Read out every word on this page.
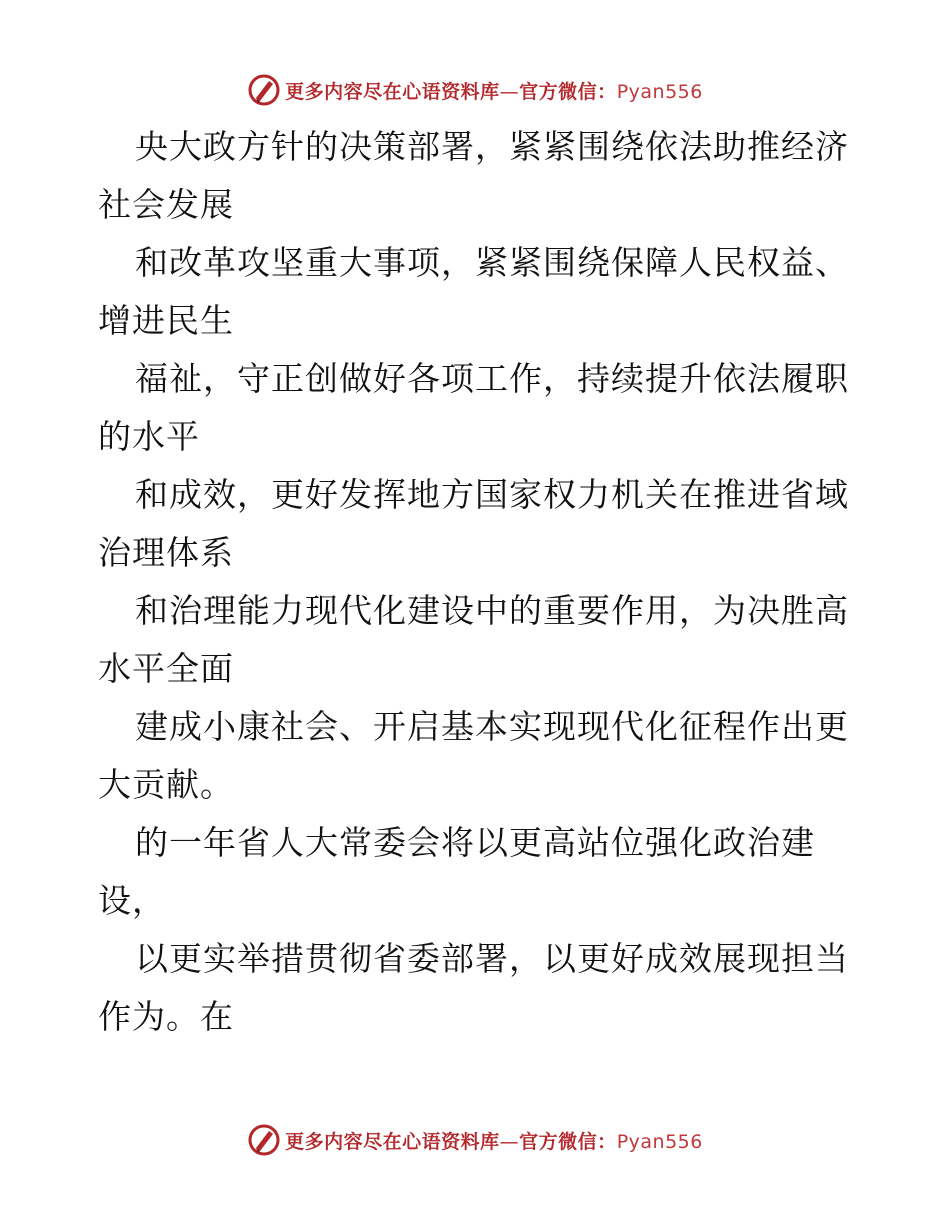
更多内容尽在心语资料库—官方微信：Pyan556

央大政方针的决策部署，紧紧围绕依法助推经济社会发展

和改革攻坚重大事项，紧紧围绕保障人民权益、增进民生

福祉，守正创做好各项工作，持续提升依法履职的水平

和成效，更好发挥地方国家权力机关在推进省域治理体系

和治理能力现代化建设中的重要作用，为决胜高水平全面

建成小康社会、开启基本实现现代化征程作出更大贡献。

的一年省人大常委会将以更高站位强化政治建设，

以更实举措贯彻省委部署，以更好成效展现担当作为。在

更多内容尽在心语资料库—官方微信：Pyan556
